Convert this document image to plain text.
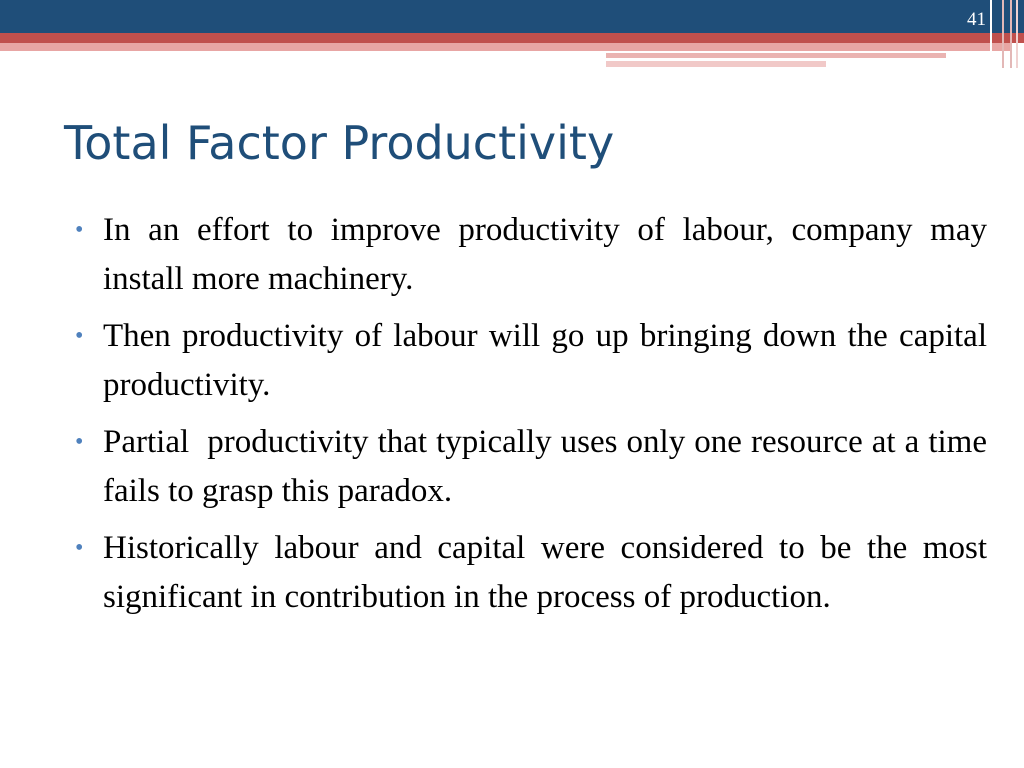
41
Total Factor Productivity
• In an effort to improve productivity of labour, company may install more machinery.
• Then productivity of labour will go up bringing down the capital productivity.
• Partial  productivity that typically uses only one resource at a time fails to grasp this paradox.
• Historically labour and capital were considered to be the most significant in contribution in the process of production.
